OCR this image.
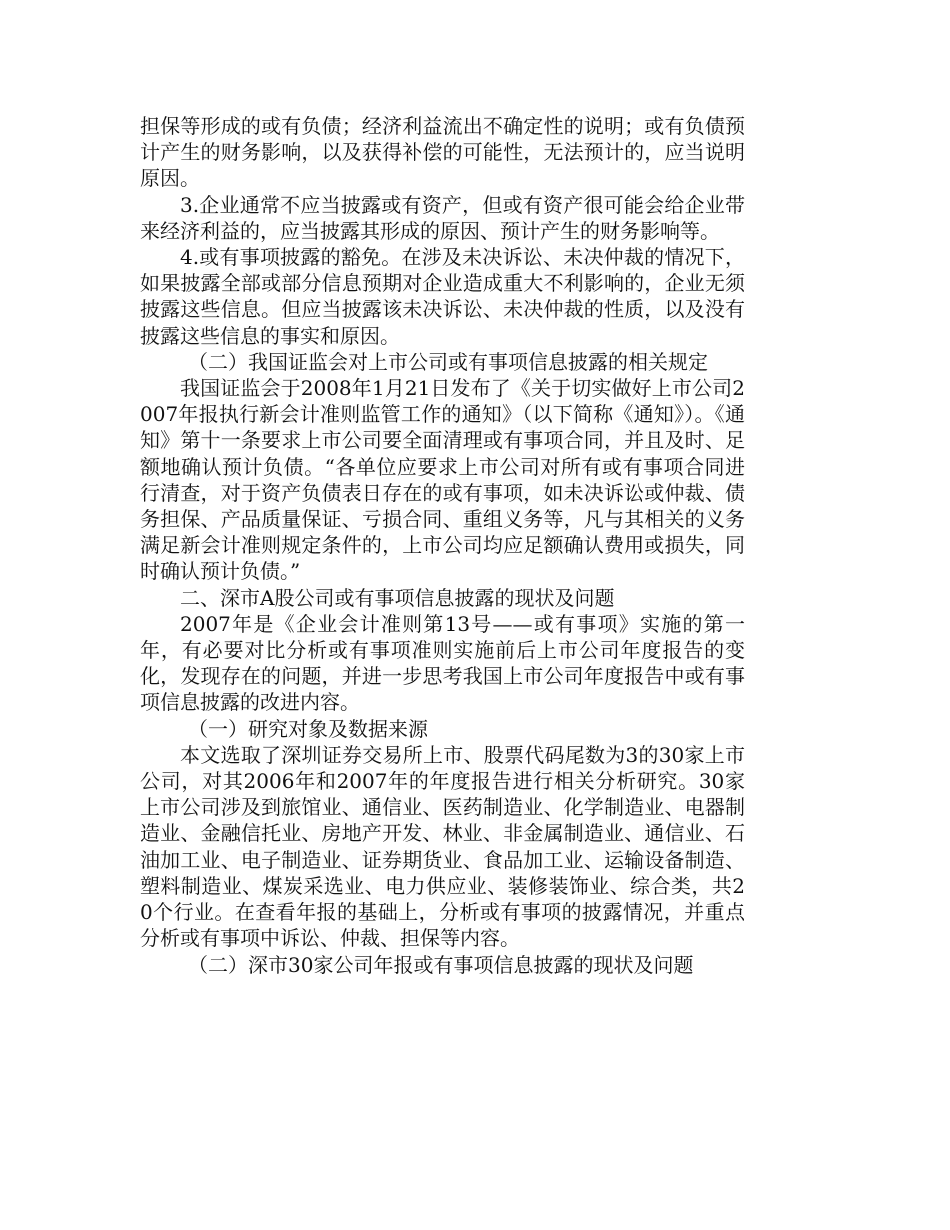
担保等形成的或有负债；经济利益流出不确定性的说明；或有负债预计产生的财务影响，以及获得补偿的可能性，无法预计的，应当说明原因。

3.企业通常不应当披露或有资产，但或有资产很可能会给企业带来经济利益的，应当披露其形成的原因、预计产生的财务影响等。

4.或有事项披露的豁免。在涉及未决诉讼、未决仲裁的情况下，如果披露全部或部分信息预期对企业造成重大不利影响的，企业无须披露这些信息。但应当披露该未决诉讼、未决仲裁的性质，以及没有披露这些信息的事实和原因。

（二）我国证监会对上市公司或有事项信息披露的相关规定

我国证监会于2008年1月21日发布了《关于切实做好上市公司2007年报执行新会计准则监管工作的通知》（以下简称《通知》）。《通知》第十一条要求上市公司要全面清理或有事项合同，并且及时、足额地确认预计负债。“各单位应要求上市公司对所有或有事项合同进行清查，对于资产负债表日存在的或有事项，如未决诉讼或仲裁、债务担保、产品质量保证、亏损合同、重组义务等，凡与其相关的义务满足新会计准则规定条件的，上市公司均应足额确认费用或损失，同时确认预计负债。”

二、深市A股公司或有事项信息披露的现状及问题

2007年是《企业会计准则第13号——或有事项》实施的第一年，有必要对比分析或有事项准则实施前后上市公司年度报告的变化，发现存在的问题，并进一步思考我国上市公司年度报告中或有事项信息披露的改进内容。

（一）研究对象及数据来源

本文选取了深圳证券交易所上市、股票代码尾数为3的30家上市公司，对其2006年和2007年的年度报告进行相关分析研究。30家上市公司涉及到旅馆业、通信业、医药制造业、化学制造业、电器制造业、金融信托业、房地产开发、林业、非金属制造业、通信业、石油加工业、电子制造业、证券期货业、食品加工业、运输设备制造、塑料制造业、煤炭采选业、电力供应业、装修装饰业、综合类，共20个行业。在查看年报的基础上，分析或有事项的披露情况，并重点分析或有事项中诉讼、仲裁、担保等内容。

（二）深市30家公司年报或有事项信息披露的现状及问题
